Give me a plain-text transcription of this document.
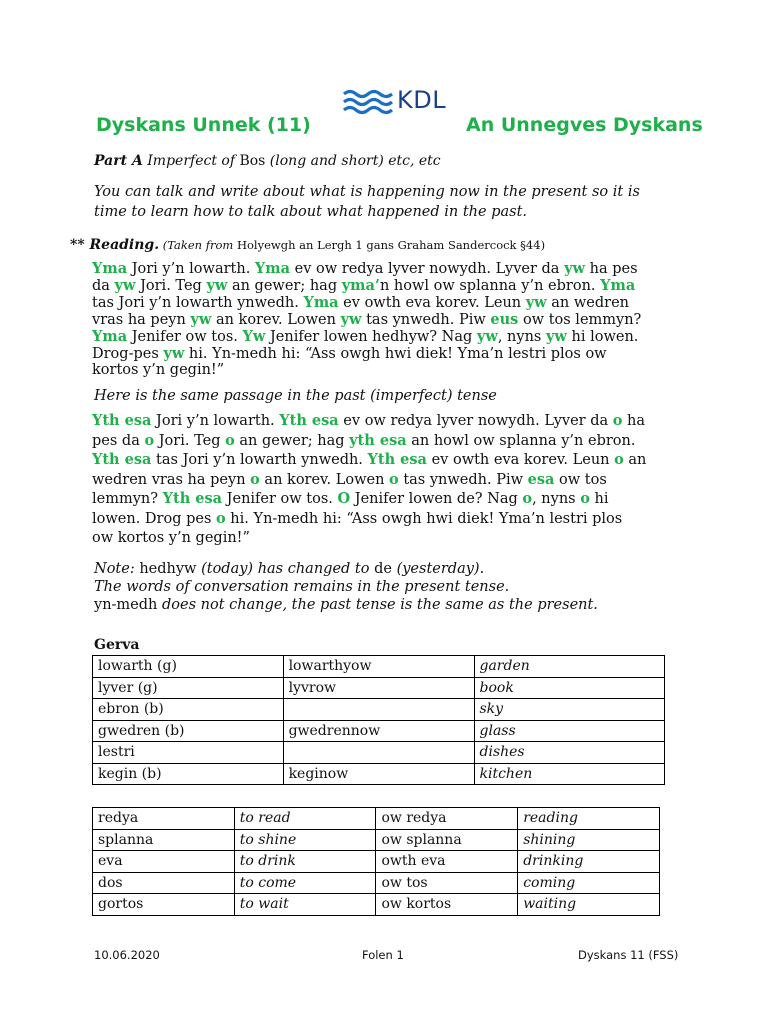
KDL
Dyskans Unnek (11)	An Unnegves Dyskans
Part A Imperfect of Bos (long and short) etc, etc
You can talk and write about what is happening now in the present so it is
time to learn how to talk about what happened in the past.
** Reading. (Taken from Holyewgh an Lergh 1 gans Graham Sandercock §44)
Yma Jori y’n lowarth. Yma ev ow redya lyver nowydh. Lyver da yw ha pes
da yw Jori. Teg yw an gewer; hag yma’n howl ow splanna y’n ebron. Yma
tas Jori y’n lowarth ynwedh. Yma ev owth eva korev. Leun yw an wedren
vras ha peyn yw an korev. Lowen yw tas ynwedh. Piw eus ow tos lemmyn?
Yma Jenifer ow tos. Yw Jenifer lowen hedhyw? Nag yw, nyns yw hi lowen.
Drog-pes yw hi. Yn-medh hi: “Ass owgh hwi diek! Yma’n lestri plos ow
kortos y’n gegin!”
Here is the same passage in the past (imperfect) tense
Yth esa Jori y’n lowarth. Yth esa ev ow redya lyver nowydh. Lyver da o ha
pes da o Jori. Teg o an gewer; hag yth esa an howl ow splanna y’n ebron.
Yth esa tas Jori y’n lowarth ynwedh. Yth esa ev owth eva korev. Leun o an
wedren vras ha peyn o an korev. Lowen o tas ynwedh. Piw esa ow tos
lemmyn? Yth esa Jenifer ow tos. O Jenifer lowen de? Nag o, nyns o hi
lowen. Drog pes o hi. Yn-medh hi: “Ass owgh hwi diek! Yma’n lestri plos
ow kortos y’n gegin!”
Note: hedhyw (today) has changed to de (yesterday).
The words of conversation remains in the present tense.
yn-medh does not change, the past tense is the same as the present.
Gerva
lowarth (g)	lowarthyow	garden
lyver (g)	lyvrow	book
ebron (b)		sky
gwedren (b)	gwedrennow	glass
lestri		dishes
kegin (b)	keginow	kitchen
redya	to read	ow redya	reading
splanna	to shine	ow splanna	shining
eva	to drink	owth eva	drinking
dos	to come	ow tos	coming
gortos	to wait	ow kortos	waiting
10.06.2020	Folen 1	Dyskans 11 (FSS)
